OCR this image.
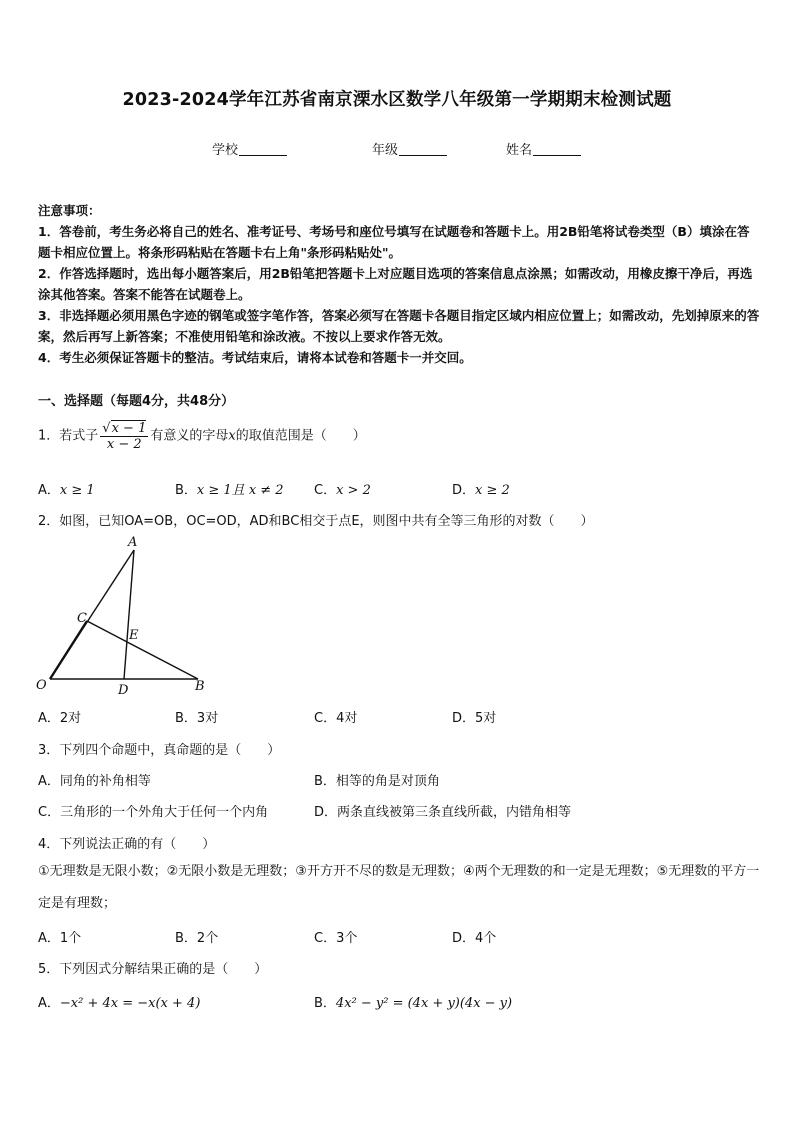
2023-2024学年江苏省南京溧水区数学八年级第一学期期末检测试题
学校	年级	姓名

注意事项：

1．答卷前，考生务必将自己的姓名、准考证号、考场号和座位号填写在试题卷和答题卡上。用2B铅笔将试卷类型（B）填涂在答题卡相应位置上。将条形码粘贴在答题卡右上角"条形码粘贴处"。

2．作答选择题时，选出每小题答案后，用2B铅笔把答题卡上对应题目选项的答案信息点涂黑；如需改动，用橡皮擦干净后，再选涂其他答案。答案不能答在试题卷上。

3．非选择题必须用黑色字迹的钢笔或签字笔作答，答案必须写在答题卡各题目指定区域内相应位置上；如需改动，先划掉原来的答案，然后再写上新答案；不准使用铅笔和涂改液。不按以上要求作答无效。

4．考生必须保证答题卡的整洁。考试结束后，请将本试卷和答题卡一并交回。

一、选择题（每题4分，共48分）
1．若式子 $\frac{√x - 1}{x - 2}$ 有意义的字母x的取值范围是（　　）
A．x ≥ 1	B．x ≥ 1且 x ≠ 2 C．x > 2	D．x ≥ 2
2．如图，已知OA=OB，OC=OD，AD和BC相交于点E，则图中共有全等三角形的对数（　　）
A
C
E
O	D	B
A．2对	B．3对	C．4对	D．5对
3．下列四个命题中，真命题的是（　　）
A．同角的补角相等	B．相等的角是对顶角
C．三角形的一个外角大于任何一个内角	D．两条直线被第三条直线所截，内错角相等
4．下列说法正确的有（　　）

①无理数是无限小数；②无限小数是无理数；③开方开不尽的数是无理数；④两个无理数的和一定是无理数；⑤无理数的平方一定是有理数；

A．1个	B．2个	C．3个	D．4个
5．下列因式分解结果正确的是（　　）
A．−x² + 4x = −x(x + 4)	B．4x² − y² = (4x + y)(4x − y)
